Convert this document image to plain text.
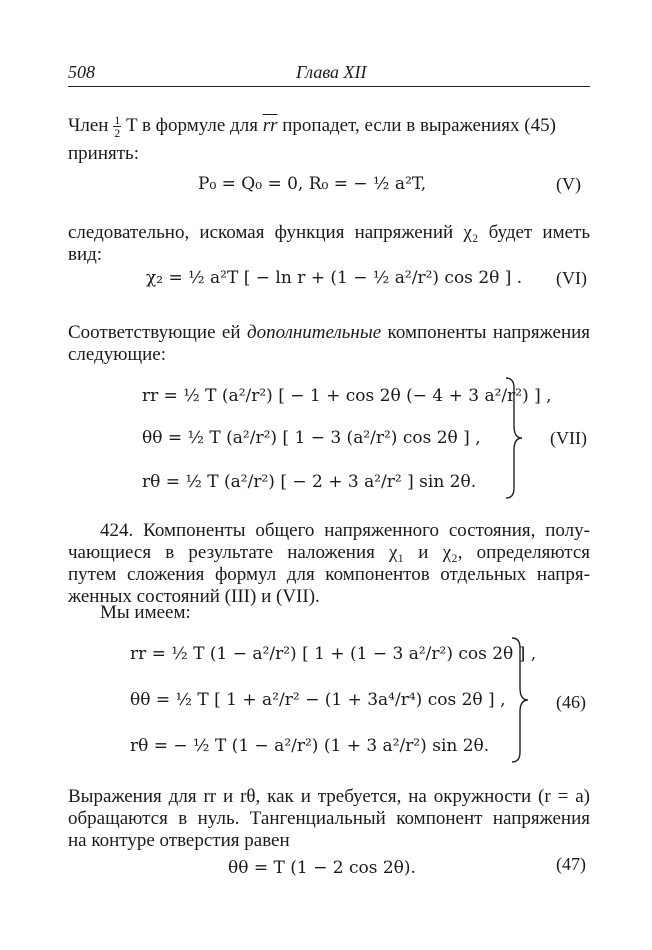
508	Глава XII
Член $\frac{1}{2}$ T в формуле для $\overline{rr}$ пропадет, если в выражениях (45)
принять:
P₀ = Q₀ = 0, R₀ = − ½ a²T,	(V)
следовательно, искомая функция напряжений χ₂ будет иметь
вид:
χ₂ = ½ a²T [ − ln r + (1 − ½ a²/r²) cos 2θ ] . (VI)
Соответствующие ей дополнительные компоненты напряжения
следующие:
rr = ½ T (a²/r²) [ − 1 + cos 2θ (− 4 + 3 a²/r²) ] ,
θθ = ½ T (a²/r²) [ 1 − 3 (a²/r²) cos 2θ ] ,
rθ = ½ T (a²/r²) [ − 2 + 3 a²/r² ] sin 2θ.
(VII)
424. Компоненты общего напряженного состояния, полу-
чающиеся в результате наложения χ₁ и χ₂, определяются
путем сложения формул для компонентов отдельных напря-
женных состояний (III) и (VII).
Мы имеем:
rr = ½ T (1 − a²/r²) [ 1 + (1 − 3 a²/r²) cos 2θ ] ,
θθ = ½ T [ 1 + a²/r² − (1 + 3a⁴/r⁴) cos 2θ ] ,
rθ = − ½ T (1 − a²/r²) (1 + 3 a²/r²) sin 2θ.
(46)
Выражения для rr и rθ, как и требуется, на окружности (r = a)
обращаются в нуль. Тангенциальный компонент напряжения
на контуре отверстия равен
θθ = T (1 − 2 cos 2θ).	(47)
